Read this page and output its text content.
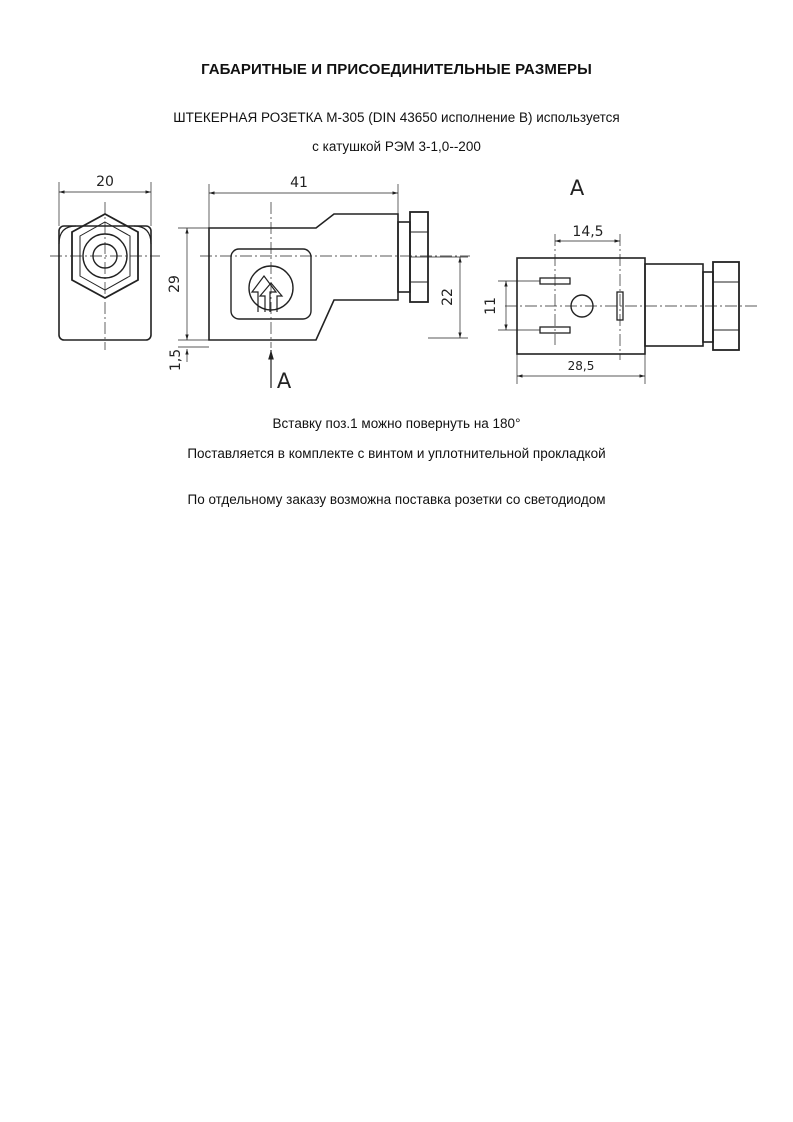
ГАБАРИТНЫЕ И ПРИСОЕДИНИТЕЛЬНЫЕ РАЗМЕРЫ
ШТЕКЕРНАЯ РОЗЕТКА М-305 (DIN 43650 исполнение В) используется
с катушкой РЭМ 3-1,0--200
20	41
29
1,5
22
А
А
14,5
11
28,5
Вставку поз.1 можно повернуть на 180°
Поставляется в комплекте с винтом и уплотнительной прокладкой
По отдельному заказу возможна поставка розетки со светодиодом
